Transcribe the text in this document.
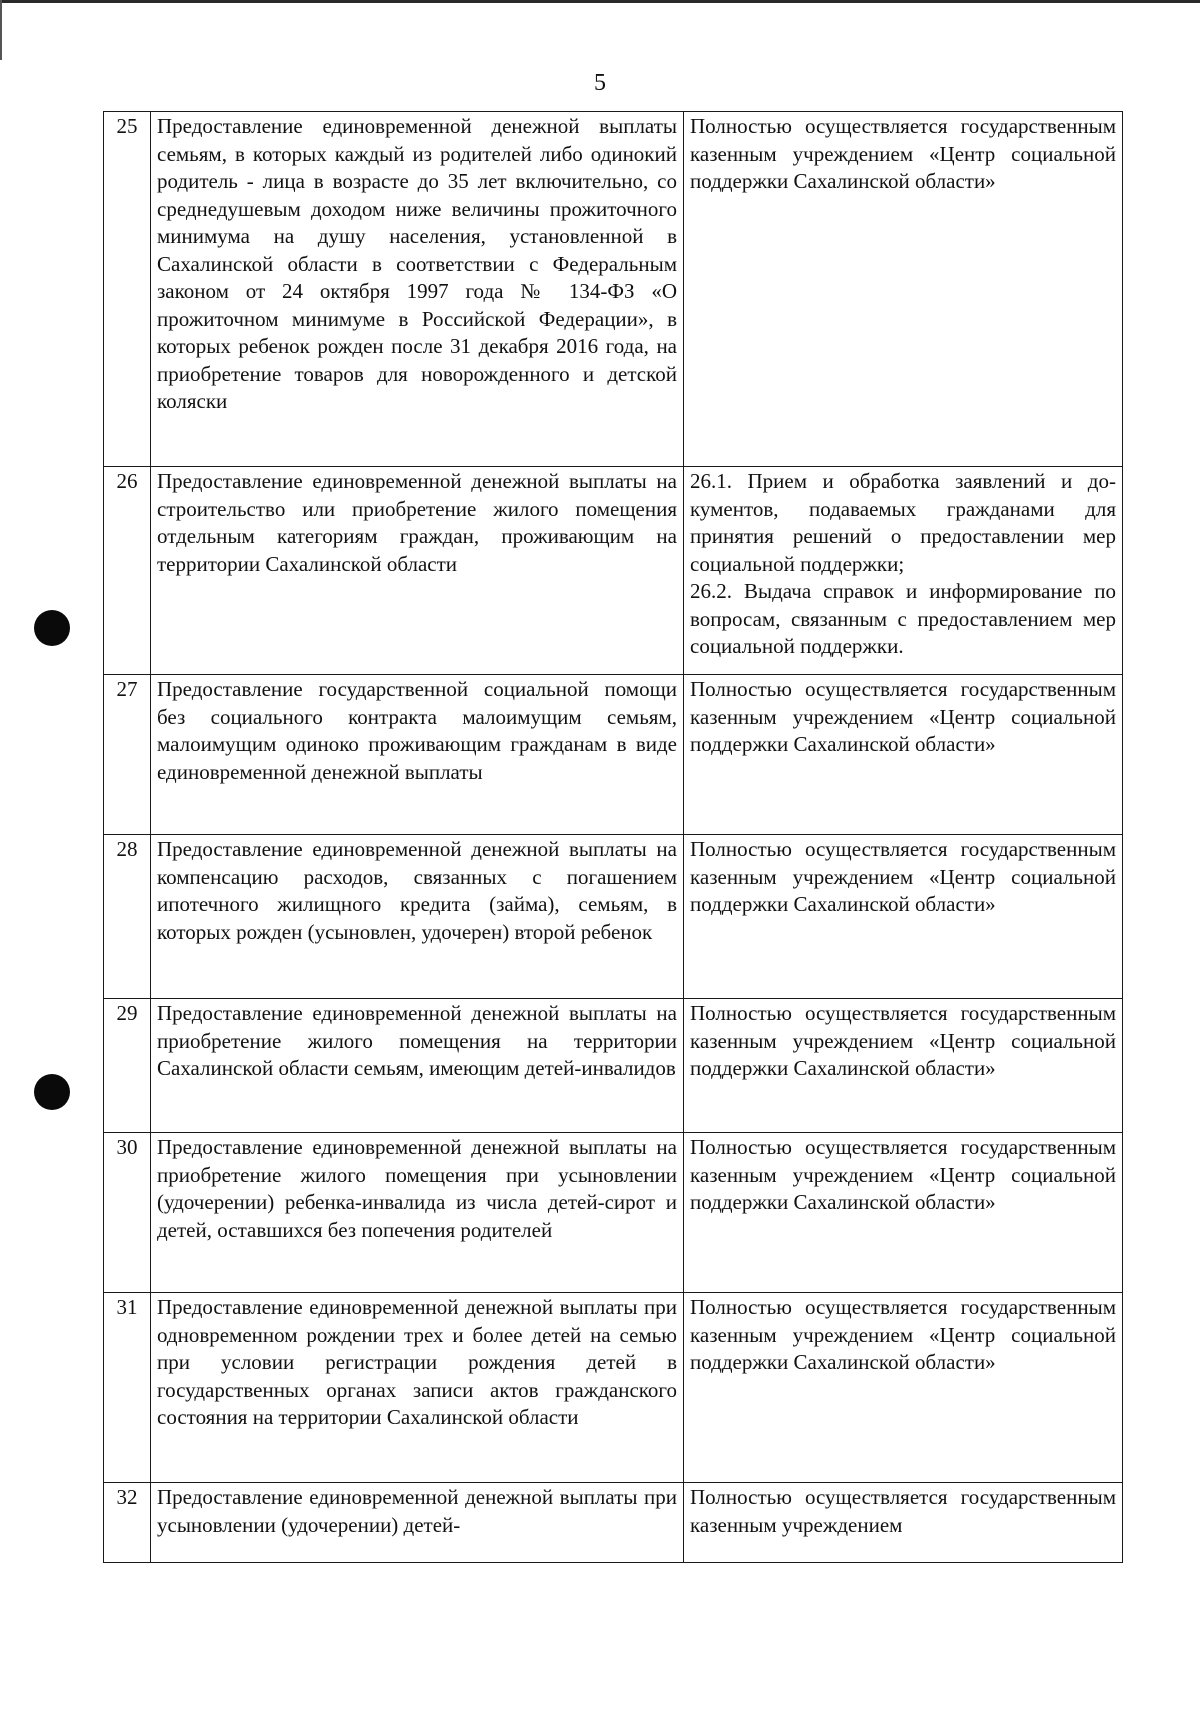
5
25	Предоставление единовременной денежной выплаты семьям, в которых каждый из родителей либо одинокий родитель - лица в возрасте до 35 лет включительно, со среднедушевым доходом ниже величины прожиточного минимума на душу населения, установленной в Сахалинской области в соответствии с Федеральным законом от 24 октября 1997 года № 134-ФЗ «О прожиточном минимуме в Российской Федерации», в которых ребенок рожден после 31 декабря 2016 года, на приобретение товаров для новорожденного и детской коляски	Полностью осуществляется государственным казенным учреждением «Центр социальной поддержки Сахалинской области»

26	Предоставление единовременной денежной выплаты на строительство или приобретение жилого помещения отдельным категориям граждан, проживающим на территории Сахалинской области	26.1. Прием и обработка заявлений и документов, подаваемых гражданами для принятия решений о предоставлении мер социальной поддержки;
26.2. Выдача справок и информирование по вопросам, связанным с предоставлением мер социальной поддержки.

27	Предоставление государственной социальной помощи без социального контракта малоимущим семьям, малоимущим одиноко проживающим гражданам в виде единовременной денежной выплаты	Полностью осуществляется государственным казенным учреждением «Центр социальной поддержки Сахалинской области»

28	Предоставление единовременной денежной выплаты на компенсацию расходов, связанных с погашением ипотечного жилищного кредита (займа), семьям, в которых рожден (усыновлен, удочерен) второй ребенок	Полностью осуществляется государственным казенным учреждением «Центр социальной поддержки Сахалинской области»

29	Предоставление единовременной денежной выплаты на приобретение жилого помещения на территории Сахалинской области семьям, имеющим детей-инвалидов	Полностью осуществляется государственным казенным учреждением «Центр социальной поддержки Сахалинской области»

30	Предоставление единовременной денежной выплаты на приобретение жилого помещения при усыновлении (удочерении) ребенка-инвалида из числа детей-сирот и детей, оставшихся без попечения родителей	Полностью осуществляется государственным казенным учреждением «Центр социальной поддержки Сахалинской области»

31	Предоставление единовременной денежной выплаты при одновременном рождении трех и более детей на семью при условии регистрации рождения детей в государственных органах записи актов гражданского состояния на территории Сахалинской области	Полностью осуществляется государственным казенным учреждением «Центр социальной поддержки Сахалинской области»

32	Предоставление единовременной денежной выплаты при усыновлении (удочерении) детей-	Полностью осуществляется государственным казенным учреждением
